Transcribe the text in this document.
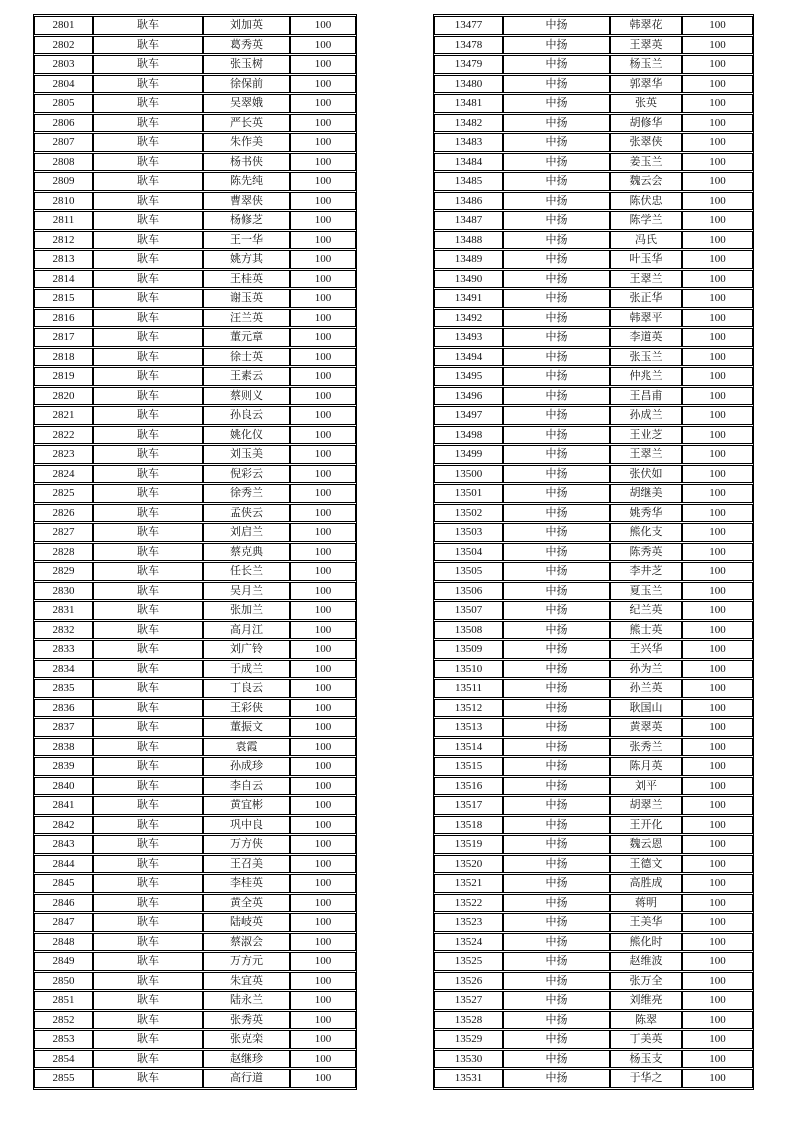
2801	耿车	刘加英	100
2802	耿车	葛秀英	100
2803	耿车	张玉树	100
2804	耿车	徐保前	100
2805	耿车	吴翠娥	100
2806	耿车	严长英	100
2807	耿车	朱作美	100
2808	耿车	杨书侠	100
2809	耿车	陈先纯	100
2810	耿车	曹翠侠	100
2811	耿车	杨修芝	100
2812	耿车	王一华	100
2813	耿车	姚方其	100
2814	耿车	王桂英	100
2815	耿车	谢玉英	100
2816	耿车	汪兰英	100
2817	耿车	董元章	100
2818	耿车	徐士英	100
2819	耿车	王素云	100
2820	耿车	蔡则义	100
2821	耿车	孙良云	100
2822	耿车	姚化仪	100
2823	耿车	刘玉美	100
2824	耿车	倪彩云	100
2825	耿车	徐秀兰	100
2826	耿车	孟侠云	100
2827	耿车	刘启兰	100
2828	耿车	蔡克典	100
2829	耿车	任长兰	100
2830	耿车	吴月兰	100
2831	耿车	张加兰	100
2832	耿车	高月江	100
2833	耿车	刘广铃	100
2834	耿车	于成兰	100
2835	耿车	丁良云	100
2836	耿车	王彩侠	100
2837	耿车	董振文	100
2838	耿车	袁霞	100
2839	耿车	孙成珍	100
2840	耿车	李自云	100
2841	耿车	黄宜彬	100
2842	耿车	巩中良	100
2843	耿车	万方侠	100
2844	耿车	王召美	100
2845	耿车	李桂英	100
2846	耿车	黄全英	100
2847	耿车	陆岐英	100
2848	耿车	蔡淑会	100
2849	耿车	万方元	100
2850	耿车	朱宜英	100
2851	耿车	陆永兰	100
2852	耿车	张秀英	100
2853	耿车	张克栾	100
2854	耿车	赵继珍	100
2855	耿车	高行道	100
13477	中扬	韩翠花	100
13478	中扬	王翠英	100
13479	中扬	杨玉兰	100
13480	中扬	郭翠华	100
13481	中扬	张英	100
13482	中扬	胡修华	100
13483	中扬	张翠侠	100
13484	中扬	姜玉兰	100
13485	中扬	魏云会	100
13486	中扬	陈伏忠	100
13487	中扬	陈学兰	100
13488	中扬	冯氏	100
13489	中扬	叶玉华	100
13490	中扬	王翠兰	100
13491	中扬	张正华	100
13492	中扬	韩翠平	100
13493	中扬	李道英	100
13494	中扬	张玉兰	100
13495	中扬	仲兆兰	100
13496	中扬	王昌甫	100
13497	中扬	孙成兰	100
13498	中扬	王业芝	100
13499	中扬	王翠兰	100
13500	中扬	张伏如	100
13501	中扬	胡继美	100
13502	中扬	姚秀华	100
13503	中扬	熊化支	100
13504	中扬	陈秀英	100
13505	中扬	李井芝	100
13506	中扬	夏玉兰	100
13507	中扬	纪兰英	100
13508	中扬	熊士英	100
13509	中扬	王兴华	100
13510	中扬	孙为兰	100
13511	中扬	孙兰英	100
13512	中扬	耿国山	100
13513	中扬	黄翠英	100
13514	中扬	张秀兰	100
13515	中扬	陈月英	100
13516	中扬	刘平	100
13517	中扬	胡翠兰	100
13518	中扬	王开化	100
13519	中扬	魏云恩	100
13520	中扬	王德文	100
13521	中扬	高胜成	100
13522	中扬	蒋明	100
13523	中扬	王美华	100
13524	中扬	熊化时	100
13525	中扬	赵维波	100
13526	中扬	张万全	100
13527	中扬	刘维亮	100
13528	中扬	陈翠	100
13529	中扬	丁美英	100
13530	中扬	杨玉支	100
13531	中扬	于华之	100
